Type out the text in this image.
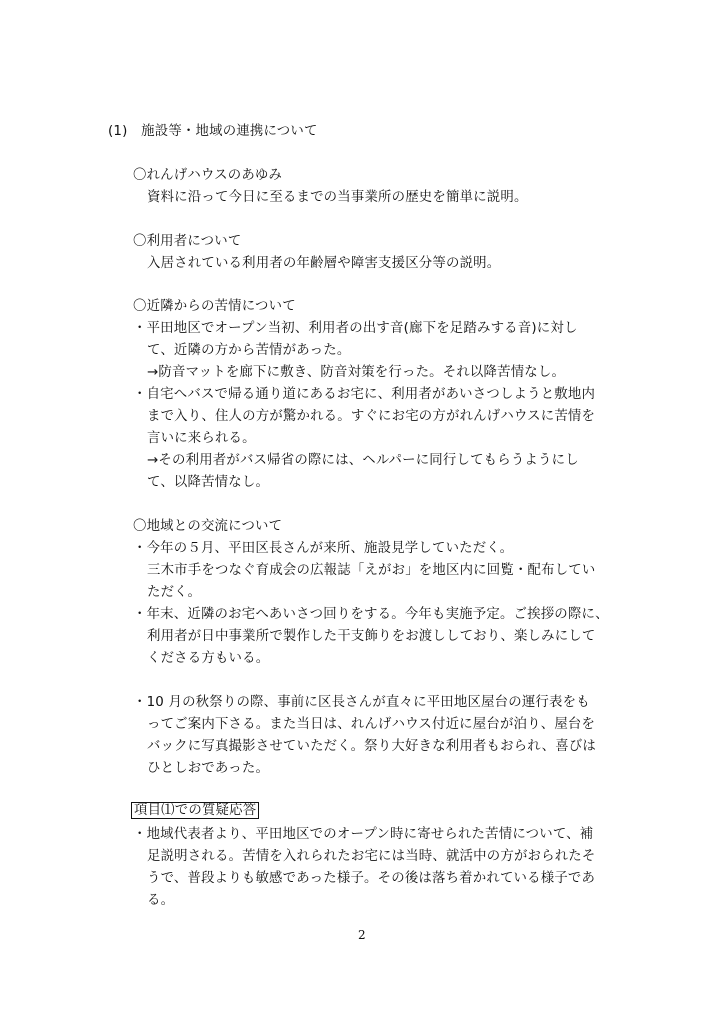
(1)　施設等・地域の連携について
〇れんげハウスのあゆみ
資料に沿って今日に至るまでの当事業所の歴史を簡単に説明。
〇利用者について
入居されている利用者の年齢層や障害支援区分等の説明。
〇近隣からの苦情について
・平田地区でオープン当初、利用者の出す音(廊下を足踏みする音)に対し
て、近隣の方から苦情があった。
→防音マットを廊下に敷き、防音対策を行った。それ以降苦情なし。
・自宅へバスで帰る通り道にあるお宅に、利用者があいさつしようと敷地内
まで入り、住人の方が驚かれる。すぐにお宅の方がれんげハウスに苦情を
言いに来られる。
→その利用者がバス帰省の際には、ヘルパーに同行してもらうようにし
て、以降苦情なし。
〇地域との交流について
・今年の５月、平田区長さんが来所、施設見学していただく。
三木市手をつなぐ育成会の広報誌「えがお」を地区内に回覧・配布してい
ただく。
・年末、近隣のお宅へあいさつ回りをする。今年も実施予定。ご挨拶の際に、
利用者が日中事業所で製作した干支飾りをお渡ししており、楽しみにして
くださる方もいる。
・10 月の秋祭りの際、事前に区長さんが直々に平田地区屋台の運行表をも
ってご案内下さる。また当日は、れんげハウス付近に屋台が泊り、屋台を
バックに写真撮影させていただく。祭り大好きな利用者もおられ、喜びは
ひとしおであった。
項目⑴での質疑応答
・地域代表者より、平田地区でのオープン時に寄せられた苦情について、補
足説明される。苦情を入れられたお宅には当時、就活中の方がおられたそ
うで、普段よりも敏感であった様子。その後は落ち着かれている様子であ
る。
2
